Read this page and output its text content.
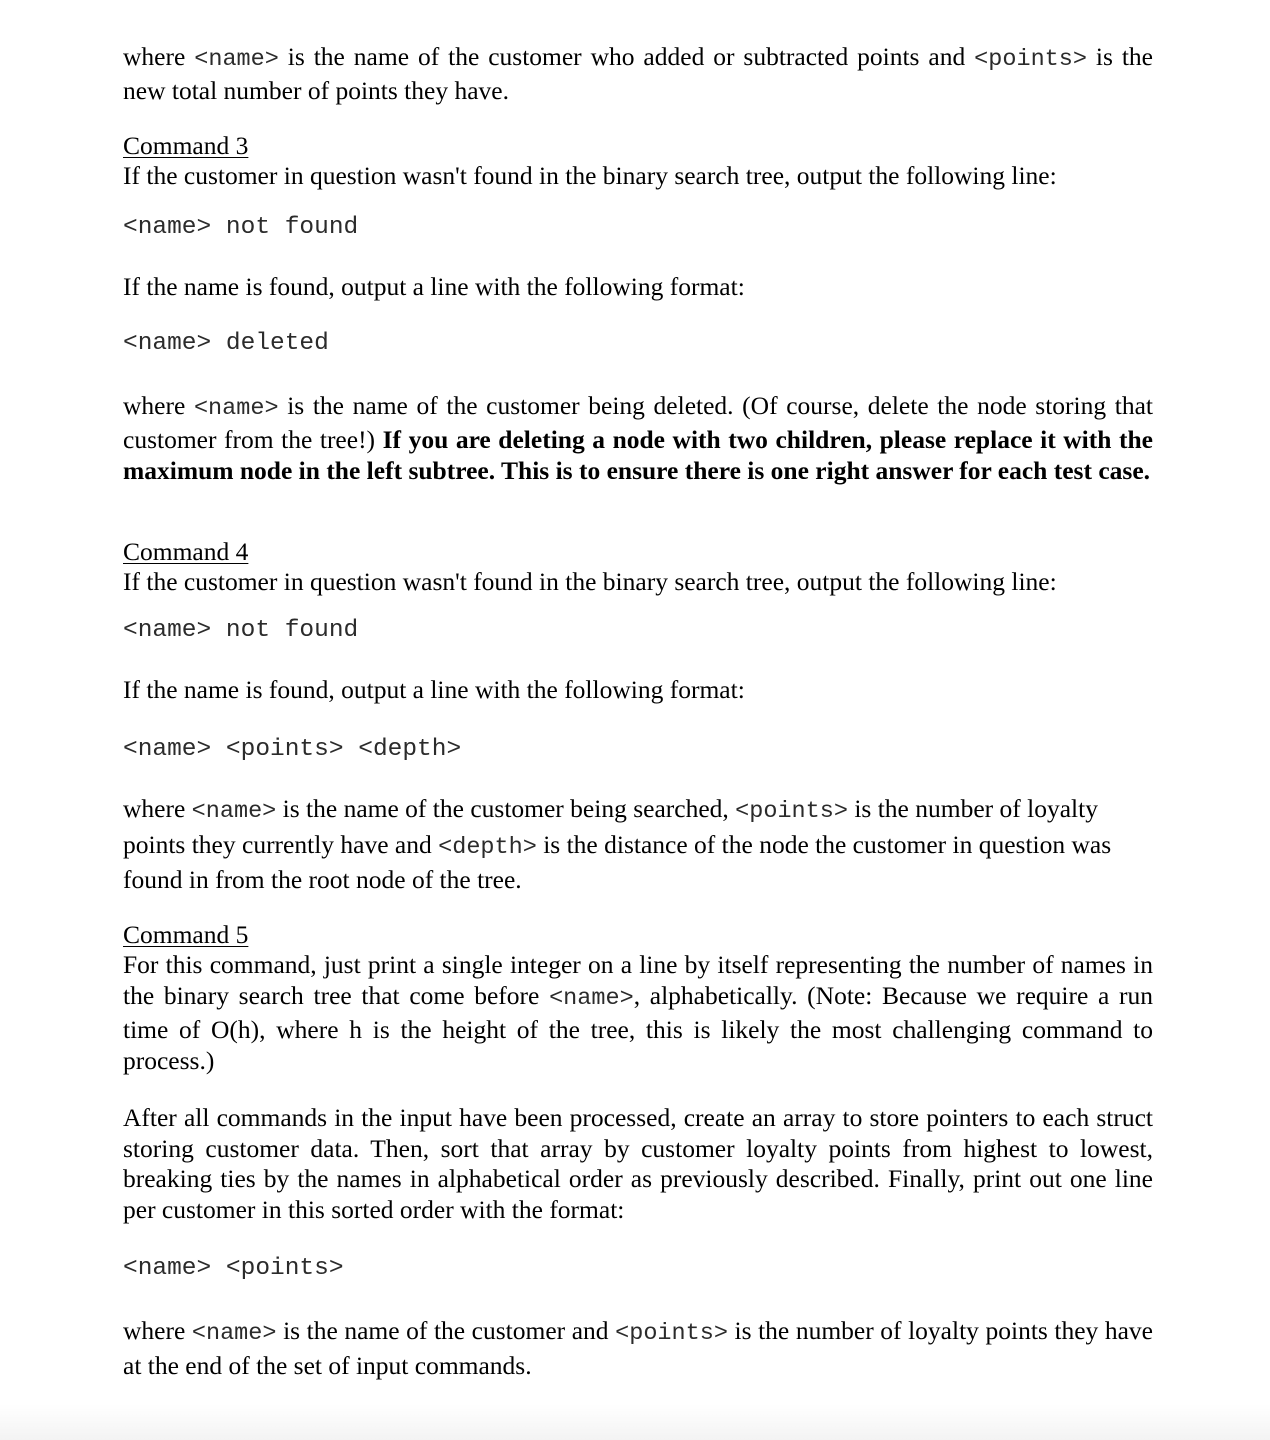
where <name> is the name of the customer who added or subtracted points and <points> is the new total number of points they have.

Command 3

If the customer in question wasn't found in the binary search tree, output the following line:

<name> not found

If the name is found, output a line with the following format:

<name> deleted

where <name> is the name of the customer being deleted. (Of course, delete the node storing that customer from the tree!) If you are deleting a node with two children, please replace it with the maximum node in the left subtree. This is to ensure there is one right answer for each test case.

Command 4

If the customer in question wasn't found in the binary search tree, output the following line:

<name> not found

If the name is found, output a line with the following format:

<name> <points> <depth>

where <name> is the name of the customer being searched, <points> is the number of loyalty points they currently have and <depth> is the distance of the node the customer in question was found in from the root node of the tree.

Command 5

For this command, just print a single integer on a line by itself representing the number of names in the binary search tree that come before <name>, alphabetically. (Note: Because we require a run time of O(h), where h is the height of the tree, this is likely the most challenging command to process.)

After all commands in the input have been processed, create an array to store pointers to each struct storing customer data. Then, sort that array by customer loyalty points from highest to lowest, breaking ties by the names in alphabetical order as previously described. Finally, print out one line per customer in this sorted order with the format:

<name> <points>

where <name> is the name of the customer and <points> is the number of loyalty points they have at the end of the set of input commands.
